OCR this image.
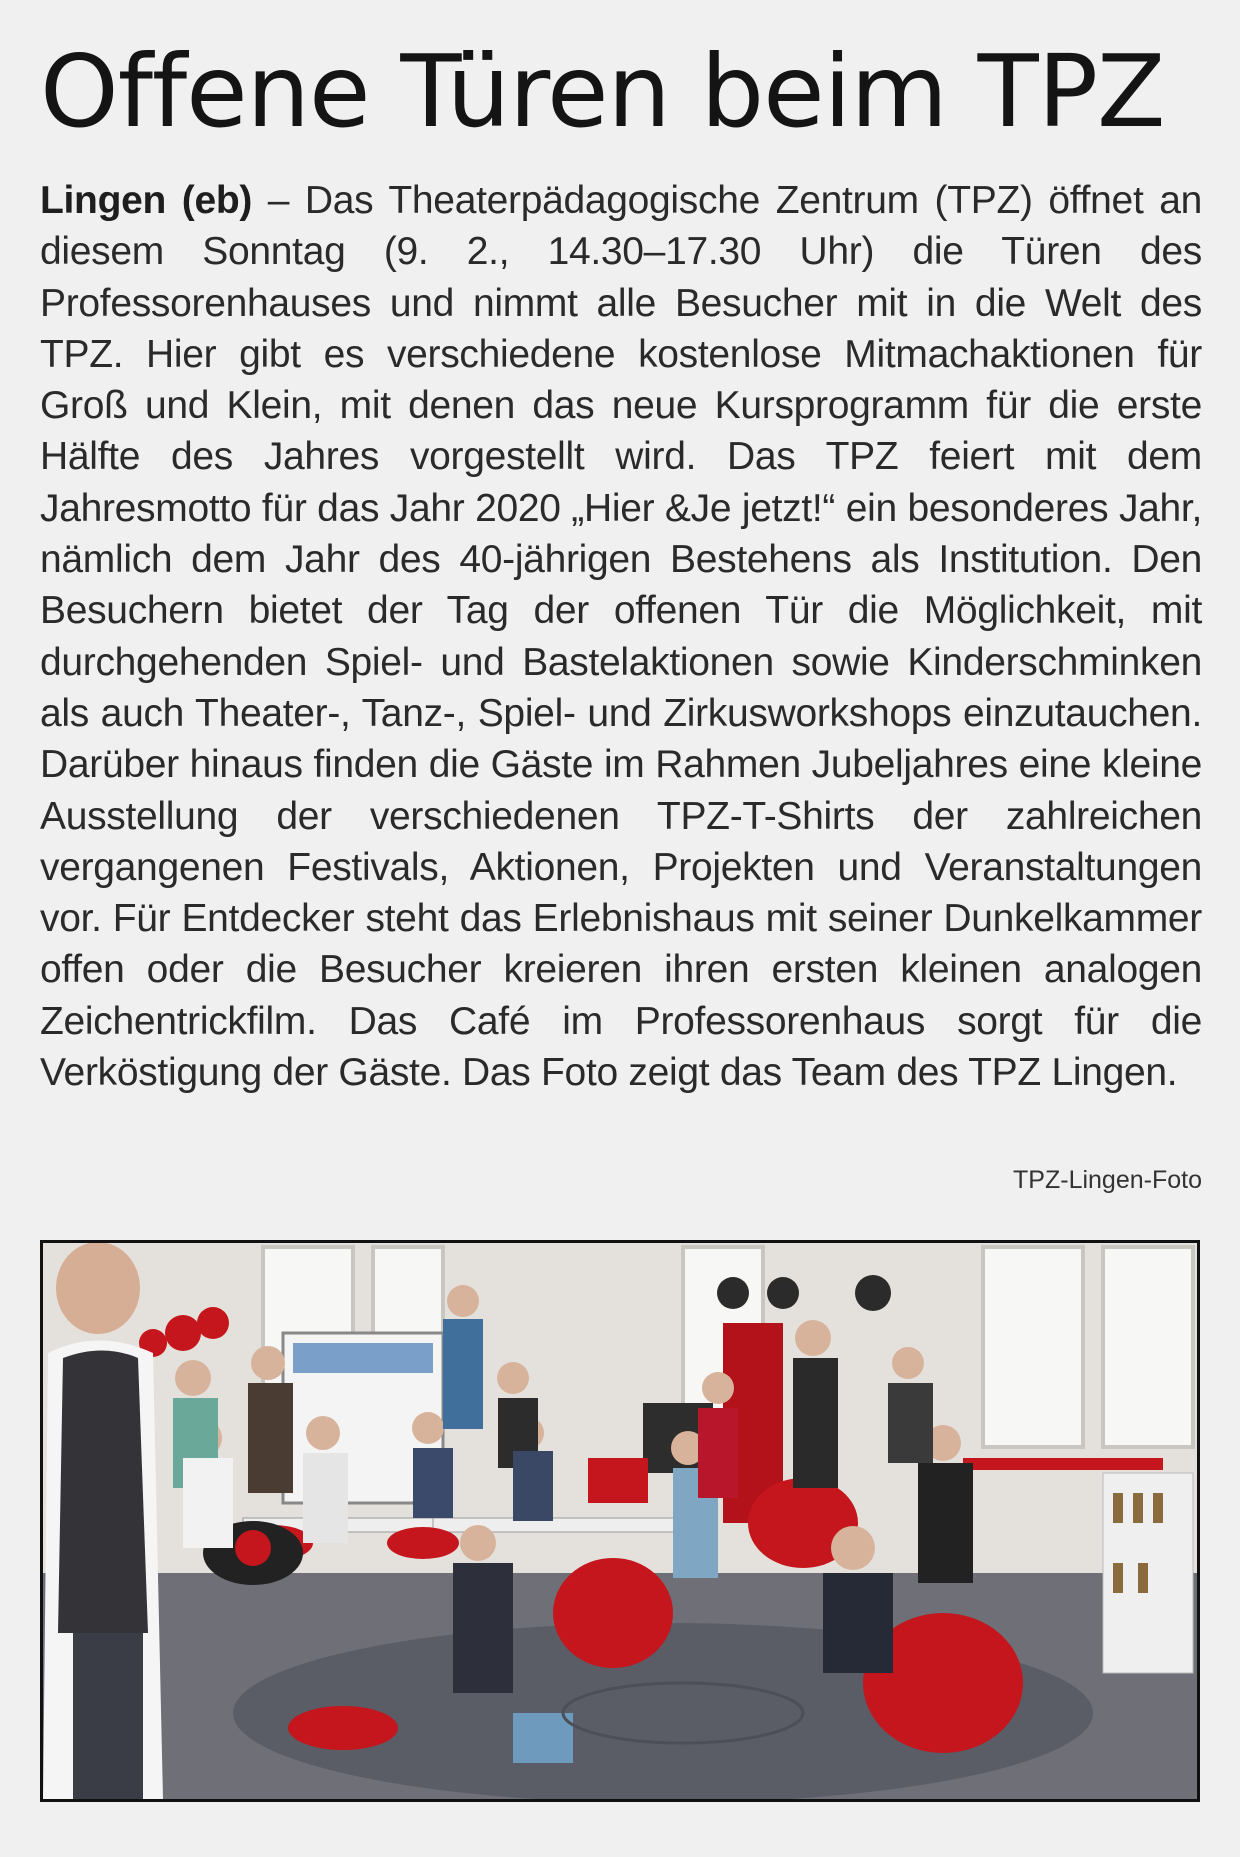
Offene Türen beim TPZ

Lingen (eb) – Das Theaterpädagogische Zentrum (TPZ) öffnet an diesem Sonntag (9. 2., 14.30–17.30 Uhr) die Türen des Professorenhauses und nimmt alle Besucher mit in die Welt des TPZ. Hier gibt es verschiedene kostenlose Mitmachaktionen für Groß und Klein, mit denen das neue Kursprogramm für die erste Hälfte des Jahres vorgestellt wird. Das TPZ feiert mit dem Jahresmotto für das Jahr 2020 „Hier &Je jetzt!“ ein besonderes Jahr, nämlich dem Jahr des 40-jährigen Bestehens als Institution. Den Besuchern bietet der Tag der offenen Tür die Möglichkeit, mit durchgehenden Spiel- und Bastelaktionen sowie Kinderschminken als auch Theater-, Tanz-, Spiel- und Zirkusworkshops einzutauchen. Darüber hinaus finden die Gäste im Rahmen Jubeljahres eine kleine Ausstellung der verschiedenen TPZ-T-Shirts der zahlreichen vergangenen Festivals, Aktionen, Projekten und Veranstaltungen vor. Für Entdecker steht das Erlebnishaus mit seiner Dunkelkammer offen oder die Besucher kreieren ihren ersten kleinen analogen Zeichentrickfilm. Das Café im Professorenhaus sorgt für die Verköstigung der Gäste. Das Foto zeigt das Team des TPZ Lingen.

TPZ-Lingen-Foto
